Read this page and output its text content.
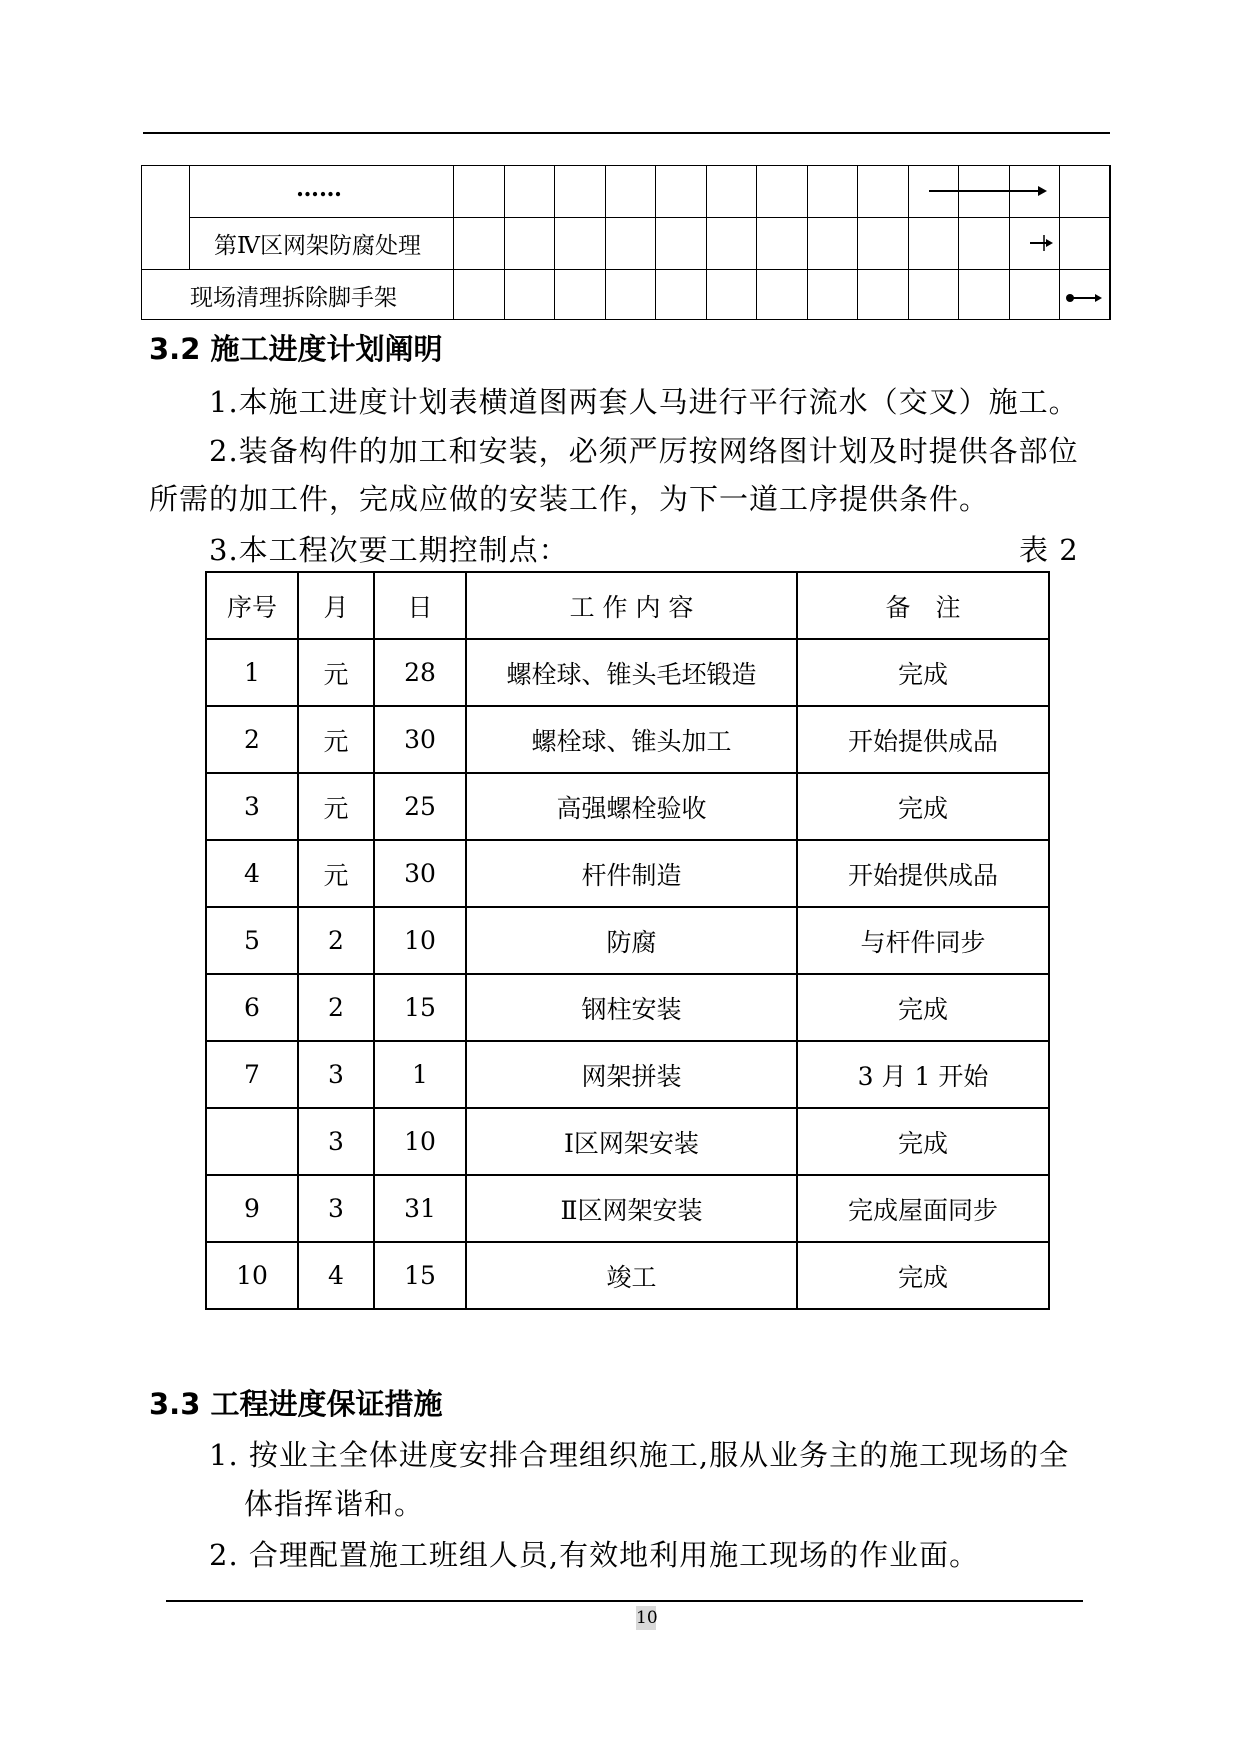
……
第Ⅳ区网架防腐处理
现场清理拆除脚手架
3.2 施工进度计划阐明
1.本施工进度计划表横道图两套人马进行平行流水（交叉）施工。
2.装备构件的加工和安装，必须严厉按网络图计划及时提供各部位
所需的加工件，完成应做的安装工作，为下一道工序提供条件。
3.本工程次要工期控制点：	表 2
序号	月	日	工 作 内 容	备　注
1	元	28	螺栓球、锥头毛坯锻造	完成
2	元	30	螺栓球、锥头加工	开始提供成品
3	元	25	高强螺栓验收	完成
4	元	30	杆件制造	开始提供成品
5	2	10	防腐	与杆件同步
6	2	15	钢柱安装	完成
7	3	1	网架拼装	3 月 1 开始
	3	10	Ⅰ区网架安装	完成
9	3	31	Ⅱ区网架安装	完成屋面同步
10	4	15	竣工	完成
3.3 工程进度保证措施
1. 按业主全体进度安排合理组织施工,服从业务主的施工现场的全
体指挥谐和。
2. 合理配置施工班组人员,有效地利用施工现场的作业面。
10
